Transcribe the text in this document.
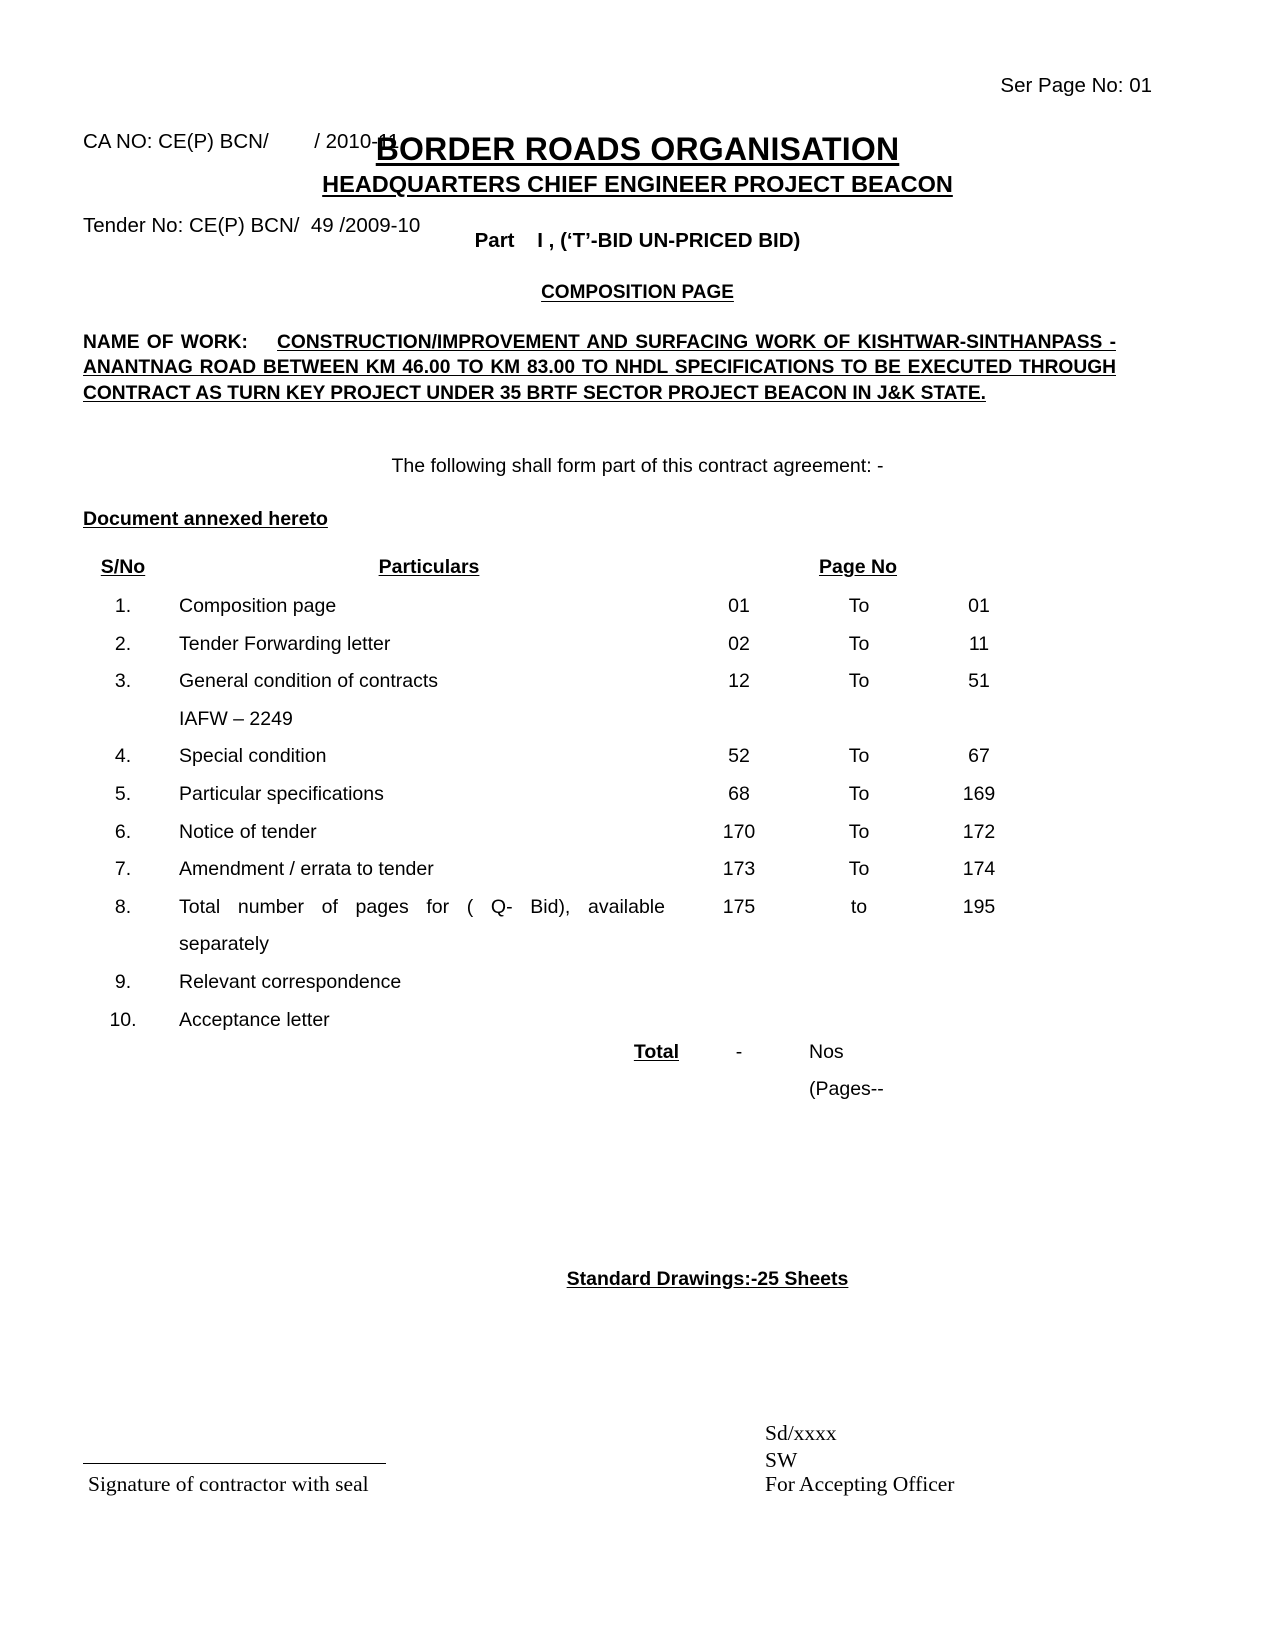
CA NO: CE(P) BCN/        / 2010-11

Tender No: CE(P) BCN/  49 /2009-10

Ser Page No: 01
BORDER ROADS ORGANISATION
HEADQUARTERS CHIEF ENGINEER PROJECT BEACON
Part    I , (‘T’-BID UN-PRICED BID)
COMPOSITION PAGE
NAME OF WORK: CONSTRUCTION/IMPROVEMENT AND SURFACING WORK OF KISHTWAR-SINTHANPASS - ANANTNAG ROAD BETWEEN KM 46.00 TO KM 83.00 TO NHDL SPECIFICATIONS TO BE EXECUTED THROUGH CONTRACT AS TURN KEY PROJECT UNDER 35 BRTF SECTOR PROJECT BEACON IN J&K STATE.
The following shall form part of this contract agreement: -
Document annexed hereto
S/No	Particulars	Page No
1.	Composition page	01	To	01
2.	Tender Forwarding letter	02	To	11
3.	General condition of contracts	12	To	51
IAFW – 2249
4.	Special condition	52	To	67
5.	Particular specifications	68	To	169
6.	Notice of tender	170	To	172
7.	Amendment / errata to tender	173	To	174
8.	Total number of pages for ( Q- Bid), available	175	to	195
separately
9.	Relevant correspondence
10.	Acceptance letter
Total	-	Nos
(Pages--
Standard Drawings:-25 Sheets
Sd/xxxx
SW
Signature of contractor with seal	For Accepting Officer
